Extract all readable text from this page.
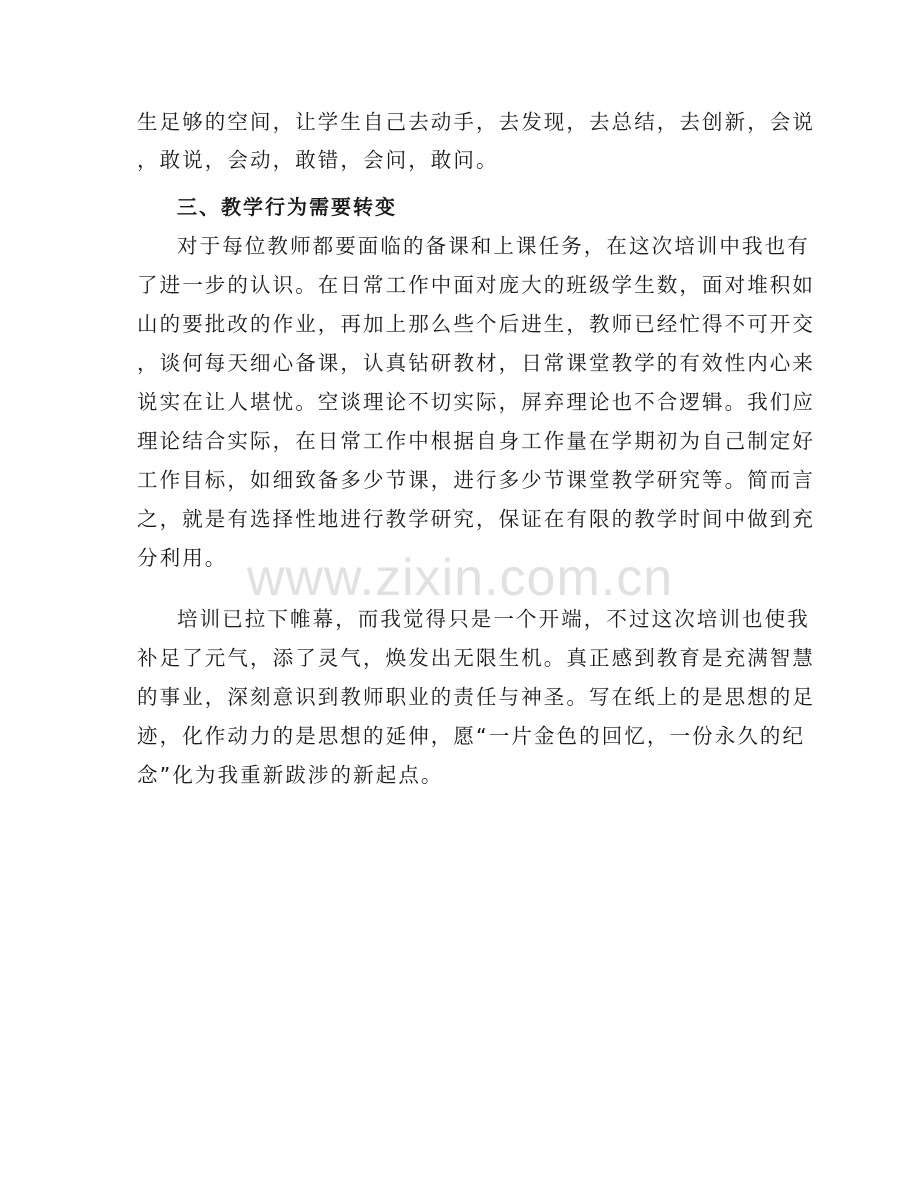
www.zixin.com.cn
生足够的空间，让学生自己去动手，去发现，去总结，去创新，会说
，敢说，会动，敢错，会问，敢问。
三、教学行为需要转变
对于每位教师都要面临的备课和上课任务，在这次培训中我也有
了进一步的认识。在日常工作中面对庞大的班级学生数，面对堆积如
山的要批改的作业，再加上那么些个后进生，教师已经忙得不可开交
，谈何每天细心备课，认真钻研教材，日常课堂教学的有效性内心来
说实在让人堪忧。空谈理论不切实际，屏弃理论也不合逻辑。我们应
理论结合实际，在日常工作中根据自身工作量在学期初为自己制定好
工作目标，如细致备多少节课，进行多少节课堂教学研究等。简而言
之，就是有选择性地进行教学研究，保证在有限的教学时间中做到充
分利用。
培训已拉下帷幕，而我觉得只是一个开端，不过这次培训也使我
补足了元气，添了灵气，焕发出无限生机。真正感到教育是充满智慧
的事业，深刻意识到教师职业的责任与神圣。写在纸上的是思想的足
迹，化作动力的是思想的延伸，愿“一片金色的回忆，一份永久的纪
念”化为我重新跋涉的新起点。
